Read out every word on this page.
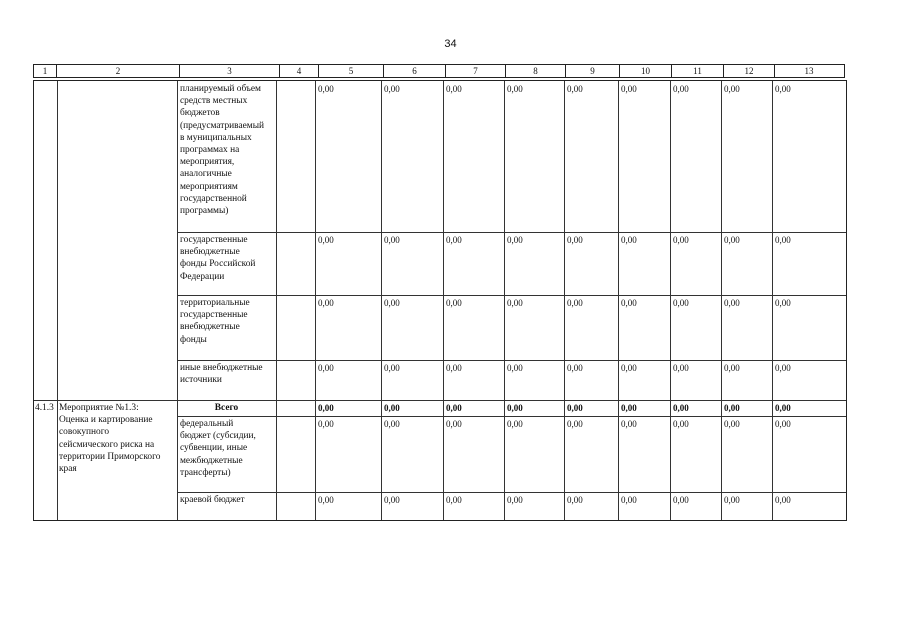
34
1	2	3	4	5	6	7	8	9	10	11	12	13
планируемый объем
средств местных
бюджетов
(предусматриваемый
в муниципальных
программах на
мероприятия,
аналогичные
мероприятиям
государственной
программы)
0,00	0,00	0,00	0,00	0,00	0,00	0,00	0,00	0,00
государственные
внебюджетные
фонды Российской
Федерации
0,00	0,00	0,00	0,00	0,00	0,00	0,00	0,00	0,00
территориальные
государственные
внебюджетные
фонды
0,00	0,00	0,00	0,00	0,00	0,00	0,00	0,00	0,00
иные внебюджетные
источники
0,00	0,00	0,00	0,00	0,00	0,00	0,00	0,00	0,00
4.1.3 Мероприятие №1.3:
Оценка и картирование
совокупного
сейсмического риска на
территории Приморского
края
Всего	0,00	0,00	0,00	0,00	0,00	0,00	0,00	0,00	0,00
федеральный
бюджет (субсидии,
субвенции, иные
межбюджетные
трансферты)
0,00	0,00	0,00	0,00	0,00	0,00	0,00	0,00	0,00
краевой бюджет	0,00	0,00	0,00	0,00	0,00	0,00	0,00	0,00	0,00
